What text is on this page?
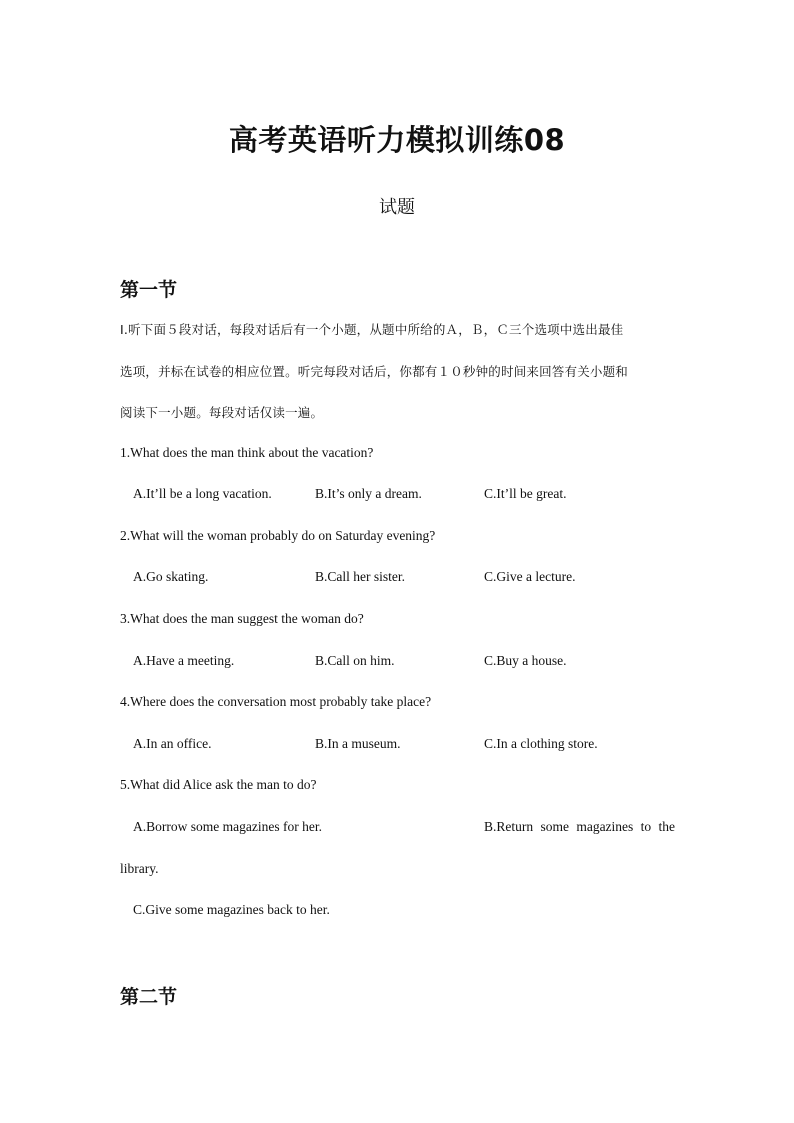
高考英语听力模拟训练08
试题
第一节
Ⅰ.听下面５段对话，每段对话后有一个小题，从题中所给的Ａ，Ｂ，Ｃ三个选项中选出最佳
选项，并标在试卷的相应位置。听完每段对话后，你都有１０秒钟的时间来回答有关小题和
阅读下一小题。每段对话仅读一遍。
1.What does the man think about the vacation?
A.It’ll be a long vacation.	B.It’s only a dream.	C.It’ll be great.
2.What will the woman probably do on Saturday evening?
A.Go skating.	B.Call her sister.	C.Give a lecture.
3.What does the man suggest the woman do?
A.Have a meeting.	B.Call on him.	C.Buy a house.
4.Where does the conversation most probably take place?
A.In an office.	B.In a museum.	C.In a clothing store.
5.What did Alice ask the man to do?
A.Borrow some magazines for her.	B.Return some magazines to the
library.
C.Give some magazines back to her.
第二节
